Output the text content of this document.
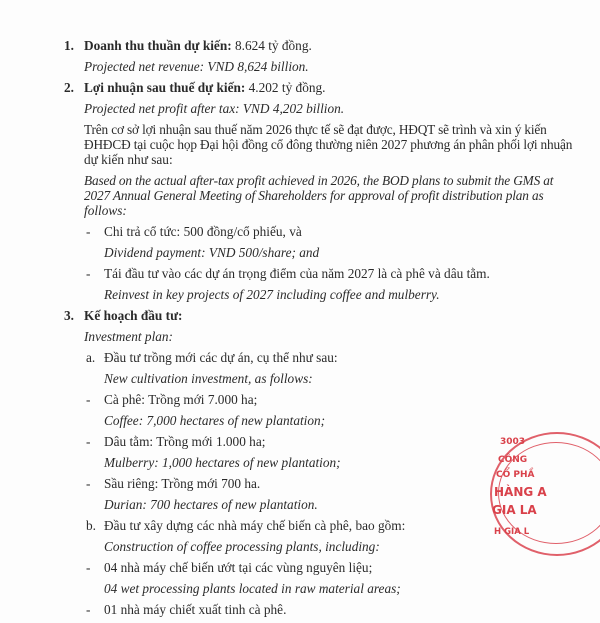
1. Doanh thu thuần dự kiến: 8.624 tỷ đồng.
Projected net revenue: VND 8,624 billion.
2. Lợi nhuận sau thuế dự kiến: 4.202 tỷ đồng.
Projected net profit after tax: VND 4,202 billion.
Trên cơ sở lợi nhuận sau thuế năm 2026 thực tế sẽ đạt được, HĐQT sẽ trình và xin ý kiến
ĐHĐCĐ tại cuộc họp Đại hội đồng cổ đông thường niên 2027 phương án phân phối lợi nhuận
dự kiến như sau:
Based on the actual after-tax profit achieved in 2026, the BOD plans to submit the GMS at
2027 Annual General Meeting of Shareholders for approval of profit distribution plan as
follows:
- Chi trả cổ tức: 500 đồng/cổ phiếu, và
Dividend payment: VND 500/share; and
- Tái đầu tư vào các dự án trọng điểm của năm 2027 là cà phê và dâu tằm.
Reinvest in key projects of 2027 including coffee and mulberry.
3. Kế hoạch đầu tư:
Investment plan:
a. Đầu tư trồng mới các dự án, cụ thể như sau:
New cultivation investment, as follows:
- Cà phê: Trồng mới 7.000 ha;
Coffee: 7,000 hectares of new plantation;
- Dâu tằm: Trồng mới 1.000 ha;
Mulberry: 1,000 hectares of new plantation;
- Sầu riêng: Trồng mới 700 ha.
Durian: 700 hectares of new plantation.
b. Đầu tư xây dựng các nhà máy chế biến cà phê, bao gồm:
Construction of coffee processing plants, including:
- 04 nhà máy chế biến ướt tại các vùng nguyên liệu;
04 wet processing plants located in raw material areas;
- 01 nhà máy chiết xuất tinh cà phê.
3003
CÔNG
CỔ PHẦ
HÀNG A
GIA LA
H GIA L
